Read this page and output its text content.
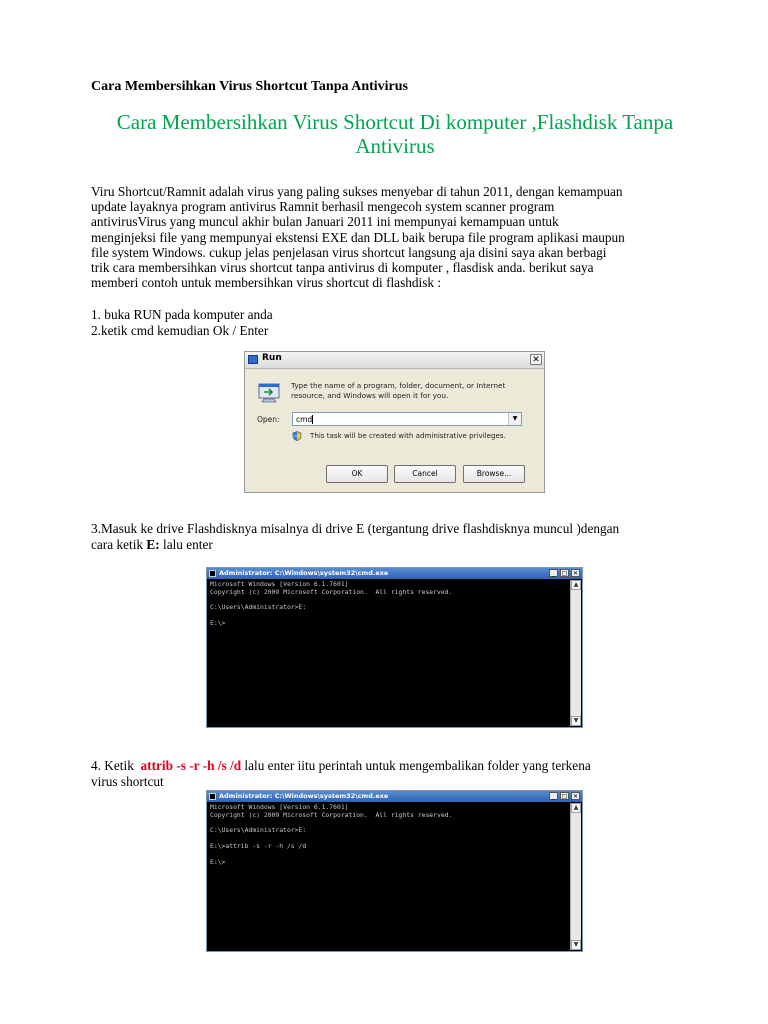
Cara Membersihkan Virus Shortcut Tanpa Antivirus
Cara Membersihkan Virus Shortcut Di komputer ,Flashdisk Tanpa Antivirus
Viru Shortcut/Ramnit adalah virus yang paling sukses menyebar di tahun 2011, dengan kemampuan
update layaknya program antivirus Ramnit berhasil mengecoh system scanner program
antivirusVirus yang muncul akhir bulan Januari 2011 ini mempunyai kemampuan untuk
menginjeksi file yang mempunyai ekstensi EXE dan DLL baik berupa file program aplikasi maupun
file system Windows. cukup jelas penjelasan virus shortcut langsung aja disini saya akan berbagi
trik cara membersihkan virus shortcut tanpa antivirus di komputer , flasdisk anda. berikut saya
memberi contoh untuk membersihkan virus shortcut di flashdisk :
1. buka RUN pada komputer anda
2.ketik cmd kemudian Ok / Enter
Run	✕
Type the name of a program, folder, document, or Internet resource, and Windows will open it for you.
Open: cmd	▼
This task will be created with administrative privileges.
OK	Cancel	Browse...
3.Masuk ke drive Flashdisknya misalnya di drive E (tergantung drive flashdisknya muncul )dengan
cara ketik E: lalu enter
Administrator: C:\Windows\system32\cmd.exe	_	□ ✕
Microsoft Windows [Version 6.1.7601]
Copyright (c) 2009 Microsoft Corporation.  All rights reserved.
C:\Users\Administrator>E:
E:\>
▲
▼
4. Ketik  attrib -s -r -h /s /d lalu enter iitu perintah untuk mengembalikan folder yang terkena
virus shortcut
Administrator: C:\Windows\system32\cmd.exe	_	□ ✕
Microsoft Windows [Version 6.1.7601]
Copyright (c) 2009 Microsoft Corporation.  All rights reserved.
C:\Users\Administrator>E:
E:\>attrib -s -r -h /s /d
E:\>
▲
▼
